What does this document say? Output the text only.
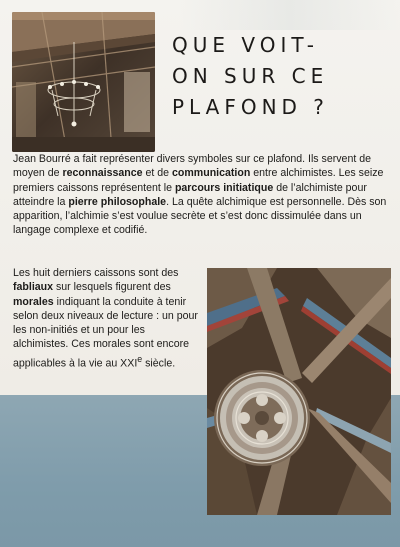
QUE VOIT-
ON SUR CE
PLAFOND ?
Jean Bourré a fait représenter divers symboles sur ce plafond. Ils servent de moyen de reconnaissance et de communication entre alchimistes. Les seize premiers caissons représentent le parcours initiatique de l’alchimiste pour atteindre la pierre philosophale. La quête alchimique est personnelle. Dès son apparition, l’alchimie s’est voulue secrète et s’est donc dissimulée dans un langage complexe et codifié.
Les huit derniers caissons sont des fabliaux sur lesquels figurent des morales indiquant la conduite à tenir selon deux niveaux de lecture : un pour les non-initiés et un pour les alchimistes. Ces morales sont encore applicables à la vie au XXIe siècle.
